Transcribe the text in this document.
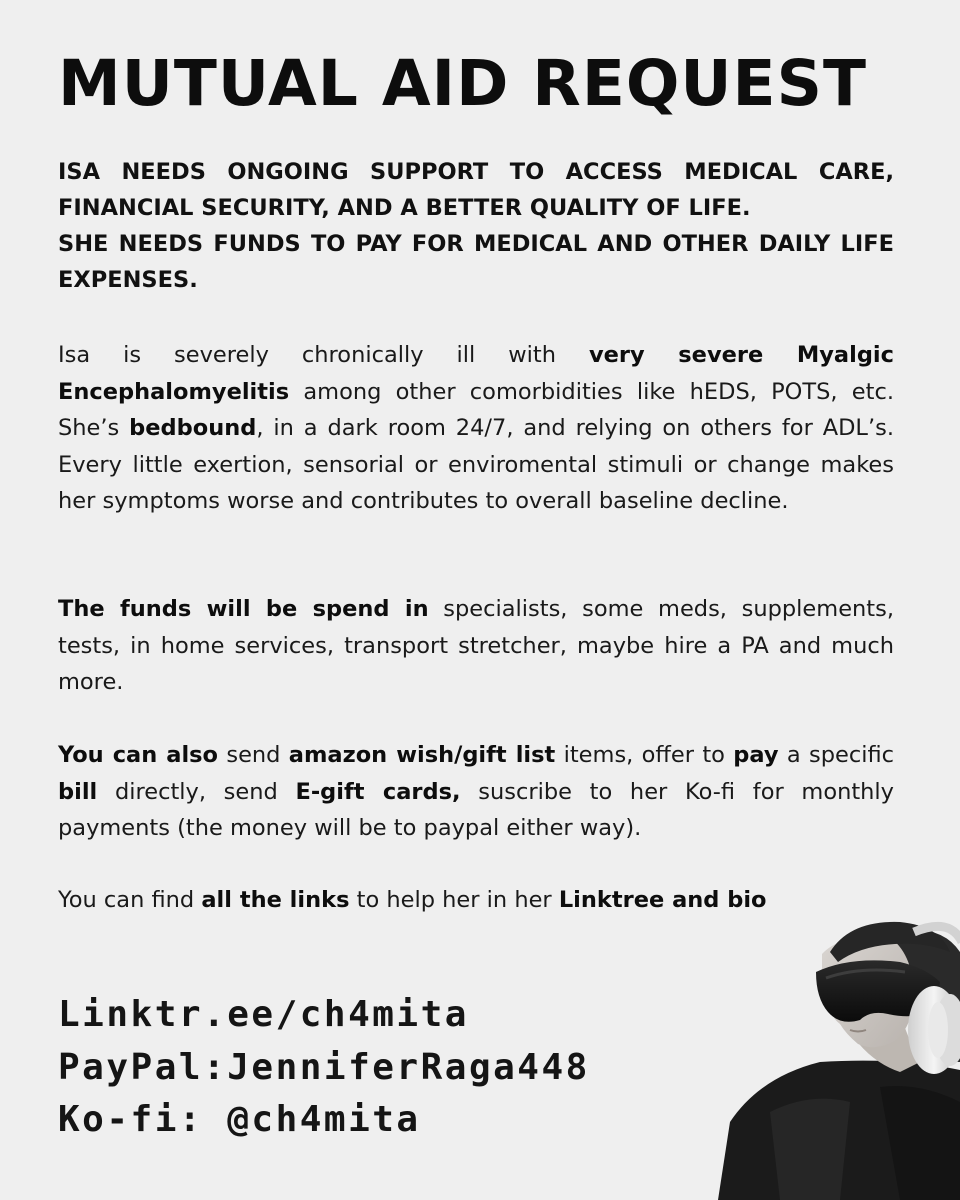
MUTUAL AID REQUEST

ISA NEEDS ONGOING SUPPORT TO ACCESS MEDICAL CARE,
FINANCIAL SECURITY, AND A BETTER QUALITY OF LIFE.
SHE NEEDS FUNDS TO PAY FOR MEDICAL AND OTHER DAILY LIFE
EXPENSES.

Isa is severely chronically ill with very severe Myalgic Encephalomyelitis among other comorbidities like hEDS, POTS, etc. She’s bedbound, in a dark room 24/7, and relying on others for ADL’s. Every little exertion, sensorial or enviromental stimuli or change makes her symptoms worse and contributes to overall baseline decline.

The funds will be spend in specialists, some meds, supplements, tests, in home services, transport stretcher, maybe hire a PA and much more.

You can also send amazon wish/gift list items, offer to pay a specific bill directly, send E-gift cards, suscribe to her Ko-fi for monthly payments (the money will be to paypal either way).

You can find all the links to help her in her Linktree and bio

Linktr.ee/ch4mita
PayPal:JenniferRaga448
Ko-fi: @ch4mita
